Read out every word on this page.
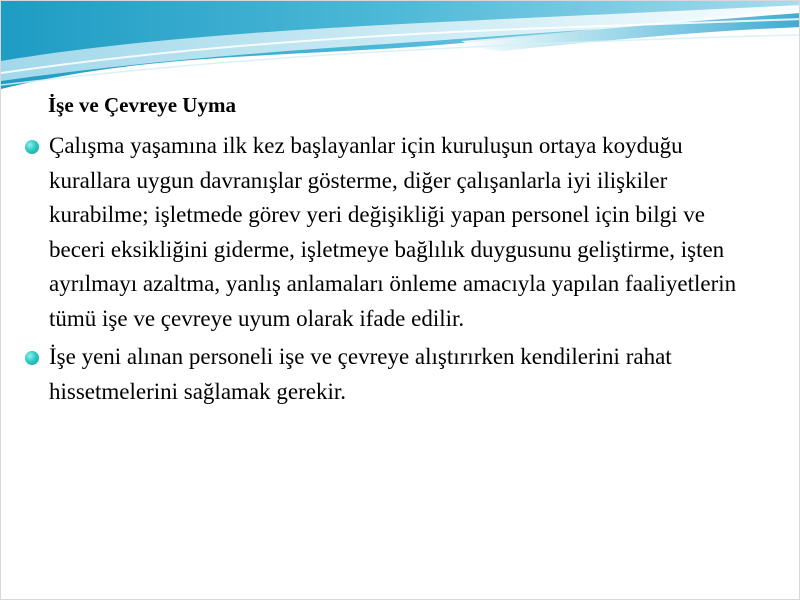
İşe ve Çevreye Uyma
Çalışma yaşamına ilk kez başlayanlar için kuruluşun ortaya koyduğu kurallara uygun davranışlar gösterme, diğer çalışanlarla iyi ilişkiler kurabilme; işletmede görev yeri değişikliği yapan personel için bilgi ve beceri eksikliğini giderme, işletmeye bağlılık duygusunu geliştirme, işten ayrılmayı azaltma, yanlış anlamaları önleme amacıyla yapılan faaliyetlerin tümü işe ve çevreye uyum olarak ifade edilir.
İşe yeni alınan personeli işe ve çevreye alıştırırken kendilerini rahat hissetmelerini sağlamak gerekir.
